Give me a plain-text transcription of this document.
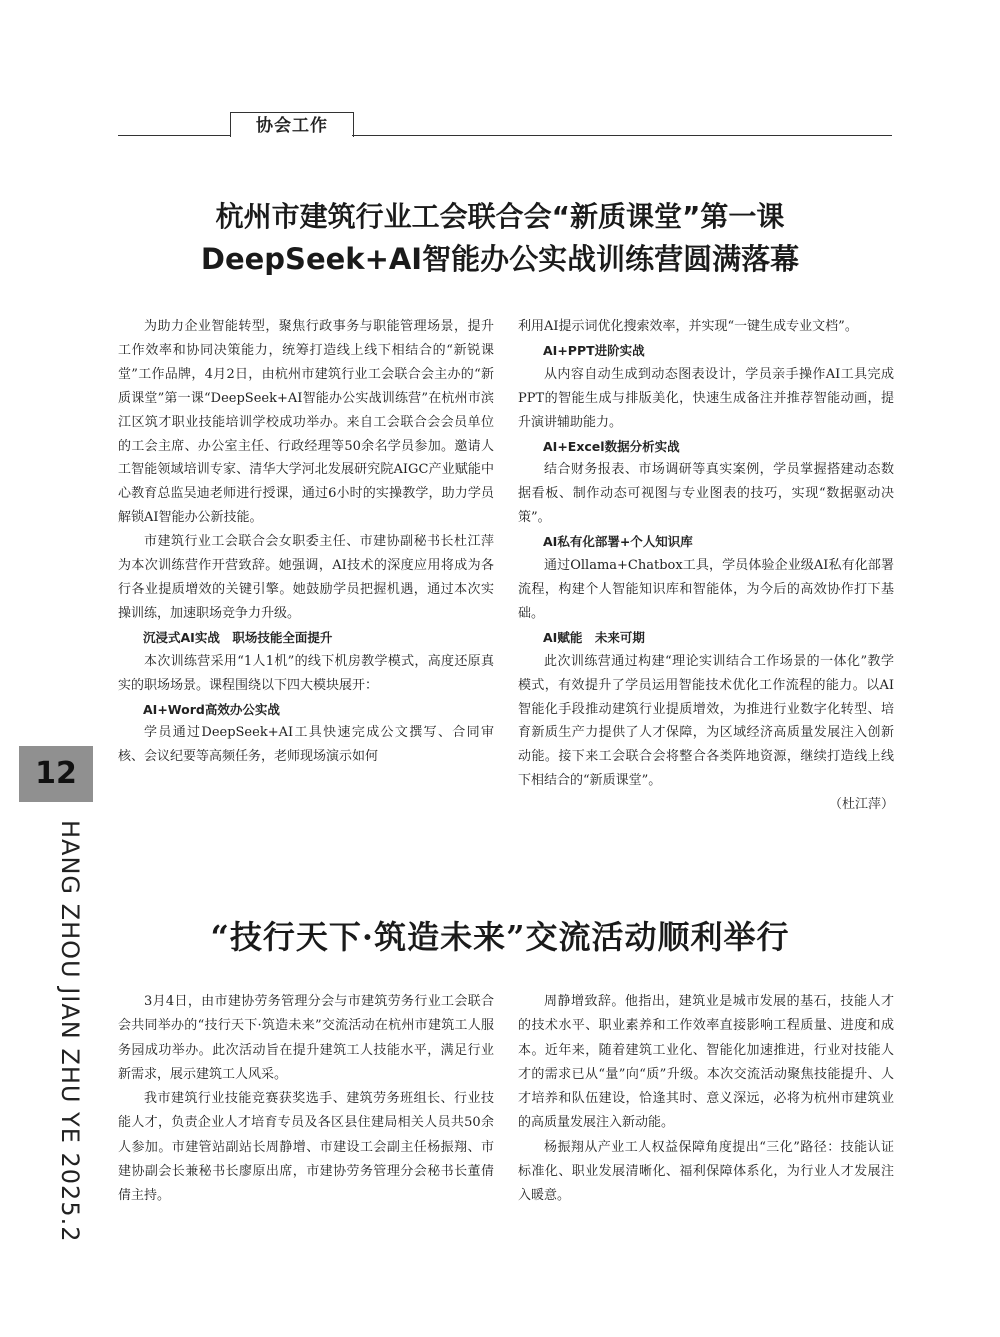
协会工作
杭州市建筑行业工会联合会“新质课堂”第一课
DeepSeek+AI智能办公实战训练营圆满落幕

为助力企业智能转型，聚焦行政事务与职能管理场景，提升工作效率和协同决策能力，统筹打造线上线下相结合的“新锐课堂”工作品牌，4月2日，由杭州市建筑行业工会联合会主办的“新质课堂”第一课“DeepSeek+AI智能办公实战训练营”在杭州市滨江区筑才职业技能培训学校成功举办。来自工会联合会会员单位的工会主席、办公室主任、行政经理等50余名学员参加。邀请人工智能领域培训专家、清华大学河北发展研究院AIGC产业赋能中心教育总监吴迪老师进行授课，通过6小时的实操教学，助力学员解锁AI智能办公新技能。

市建筑行业工会联合会女职委主任、市建协副秘书长杜江萍为本次训练营作开营致辞。她强调，AI技术的深度应用将成为各行各业提质增效的关键引擎。她鼓励学员把握机遇，通过本次实操训练，加速职场竞争力升级。

沉浸式AI实战　职场技能全面提升

本次训练营采用“1人1机”的线下机房教学模式，高度还原真实的职场场景。课程围绕以下四大模块展开：

AI+Word高效办公实战

学员通过DeepSeek+AI工具快速完成公文撰写、合同审核、会议纪要等高频任务，老师现场演示如何

利用AI提示词优化搜索效率，并实现“一键生成专业文档”。

AI+PPT进阶实战

从内容自动生成到动态图表设计，学员亲手操作AI工具完成PPT的智能生成与排版美化，快速生成备注并推荐智能动画，提升演讲辅助能力。

AI+Excel数据分析实战

结合财务报表、市场调研等真实案例，学员掌握搭建动态数据看板、制作动态可视图与专业图表的技巧，实现“数据驱动决策”。

AI私有化部署+个人知识库

通过Ollama+Chatbox工具，学员体验企业级AI私有化部署流程，构建个人智能知识库和智能体，为今后的高效协作打下基础。

AI赋能　未来可期

此次训练营通过构建“理论实训结合工作场景的一体化”教学模式，有效提升了学员运用智能技术优化工作流程的能力。以AI智能化手段推动建筑行业提质增效，为推进行业数字化转型、培育新质生产力提供了人才保障，为区域经济高质量发展注入创新动能。接下来工会联合会将整合各类阵地资源，继续打造线上线下相结合的“新质课堂”。

（杜江萍）

“技行天下·筑造未来”交流活动顺利举行

3月4日，由市建协劳务管理分会与市建筑劳务行业工会联合会共同举办的“技行天下·筑造未来”交流活动在杭州市建筑工人服务园成功举办。此次活动旨在提升建筑工人技能水平，满足行业新需求，展示建筑工人风采。

我市建筑行业技能竞赛获奖选手、建筑劳务班组长、行业技能人才，负责企业人才培育专员及各区县住建局相关人员共50余人参加。市建管站副站长周静增、市建设工会副主任杨振翔、市建协副会长兼秘书长廖原出席，市建协劳务管理分会秘书长董倩倩主持。

周静增致辞。他指出，建筑业是城市发展的基石，技能人才的技术水平、职业素养和工作效率直接影响工程质量、进度和成本。近年来，随着建筑工业化、智能化加速推进，行业对技能人才的需求已从“量”向“质”升级。本次交流活动聚焦技能提升、人才培养和队伍建设，恰逢其时、意义深远，必将为杭州市建筑业的高质量发展注入新动能。

杨振翔从产业工人权益保障角度提出“三化”路径：技能认证标准化、职业发展清晰化、福利保障体系化，为行业人才发展注入暖意。

12
HANG ZHOU JIAN ZHU YE 2025.2
